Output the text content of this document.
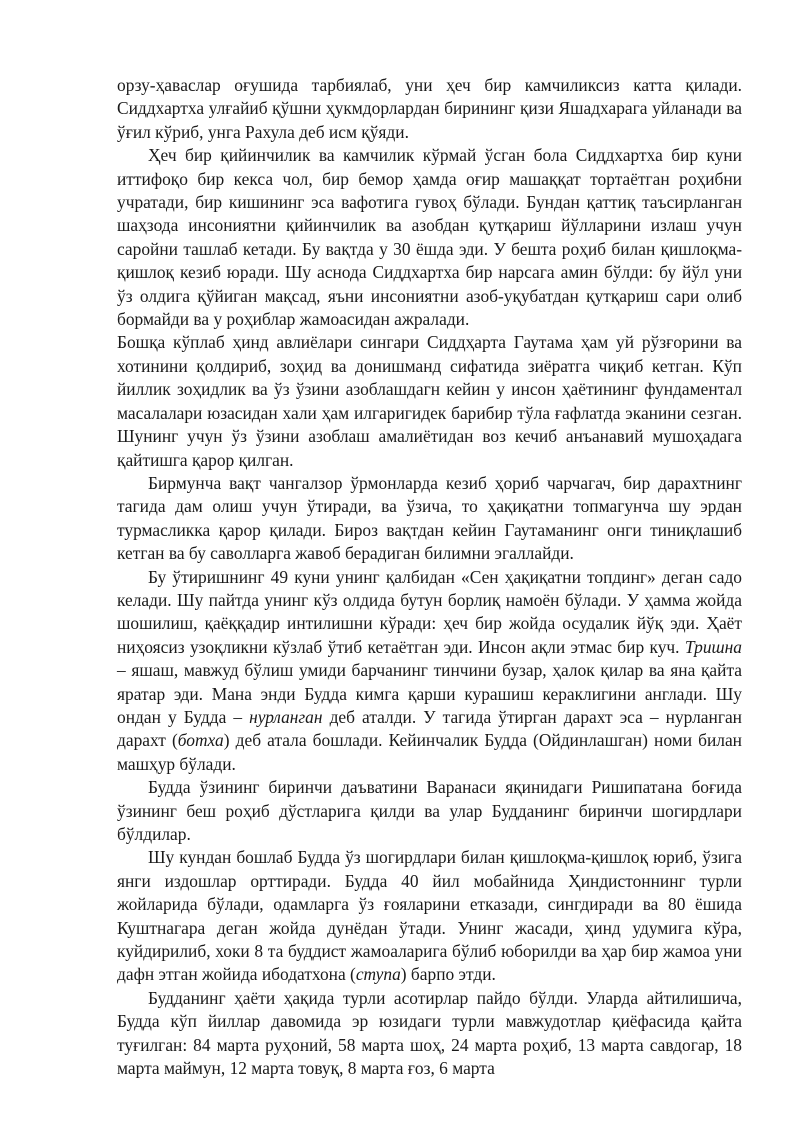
орзу-ҳавaслар оғушида тарбиялаб, уни ҳеч бир камчиликсиз катта қилади. Сиддхартха улғайиб қўшни ҳукмдорлардан бирининг қизи Яшадхарага уйланади ва ўғил кўриб, унга Рахула деб исм қўяди.

Ҳеч бир қийинчилик ва камчилик кўрмай ўсган бола Сиддхартха бир куни иттифоқо бир кекса чол, бир бемор ҳамда оғир машаққат тортаётган роҳибни учратади, бир кишининг эса вафотига гувоҳ бўлади. Бундан қаттиқ таъсирланган шаҳзода инсониятни қийинчилик ва азобдан қутқариш йўлларини излаш учун саройни ташлаб кетади. Бу вақтда у 30 ёшда эди. У бешта роҳиб билан қишлоқма-қишлоқ кезиб юради. Шу аснода Сиддхартха бир нарсага амин бўлди: бу йўл уни ўз олдига қўйиган мақсад, яъни инсониятни азоб-уқубатдан қутқариш сари олиб бормайди ва у роҳиблар жамоасидан ажралади.

Бошқа кўплаб ҳинд авлиёлари сингари Сиддҳарта Гаутама ҳам уй рўзғорини ва хотинини қолдириб, зоҳид ва донишманд сифатида зиёратга чиқиб кетган. Кўп йиллик зоҳидлик ва ўз ўзини азоблашдагн кейин у инсон ҳаётининг фундаментал масалалари юзасидан хали ҳам илгаригидек барибир тўла ғафлатда эканини сезган. Шунинг учун ўз ўзини азоблаш амалиётидан воз кечиб анъанавий мушоҳадага қайтишга қарор қилган.

Бирмунча вақт чангалзор ўрмонларда кезиб ҳориб чарчагач, бир дарахтнинг тагида дам олиш учун ўтиради, ва ўзича, то ҳақиқатни топмагунча шу эрдан турмасликка қарор қилади. Бироз вақтдан кейин Гаутаманинг онги тиниқлашиб кетган ва бу саволларга жавоб берадиган билимни эгаллайди.

Бу ўтиришнинг 49 куни унинг қалбидан «Сен ҳақиқатни топдинг» деган садо келади. Шу пайтда унинг кўз олдида бутун борлиқ намоён бўлади. У ҳамма жойда шошилиш, қаёққадир интилишни кўради: ҳеч бир жойда осудалик йўқ эди. Ҳаёт ниҳоясиз узоқликни кўзлаб ўтиб кетаётган эди. Инсон ақли этмас бир куч. Тришна – яшаш, мавжуд бўлиш умиди барчанинг тинчини бузар, ҳалок қилар ва яна қайта яратар эди. Мана энди Будда кимга қарши курашиш кераклигини англади. Шу ондан у Будда – нурланган деб аталди. У тагида ўтирган дарахт эса – нурланган дарахт (ботха) деб атала бошлади. Кейинчалик Будда (Ойдинлашган) номи билан машҳур бўлади.

Будда ўзининг биринчи даъватини Варанаси яқинидаги Ришипатана боғида ўзининг беш роҳиб дўстларига қилди ва улар Будданинг биринчи шогирдлари бўлдилар.

Шу кундан бошлаб Будда ўз шогирдлари билан қишлоқма-қишлоқ юриб, ўзига янги издошлар орттиради. Будда 40 йил мобайнида Ҳиндистоннинг турли жойларида бўлади, одамларга ўз ғояларини етказади, сингдиради ва 80 ёшида Куштнагара деган жойда дунёдан ўтади. Унинг жасади, ҳинд удумига кўра, куйдирилиб, хоки 8 та буддист жамоаларига бўлиб юборилди ва ҳар бир жамоа уни дафн этган жойида ибодатхона (ступа) барпо этди.

Будданинг ҳаёти ҳақида турли асотирлар пайдо бўлди. Уларда айтилишича, Будда кўп йиллар давомида эр юзидаги турли мавжудотлар қиёфасида қайта туғилган: 84 марта руҳоний, 58 марта шоҳ, 24 марта роҳиб, 13 марта савдогар, 18 марта маймун, 12 марта товуқ, 8 марта ғоз, 6 марта
